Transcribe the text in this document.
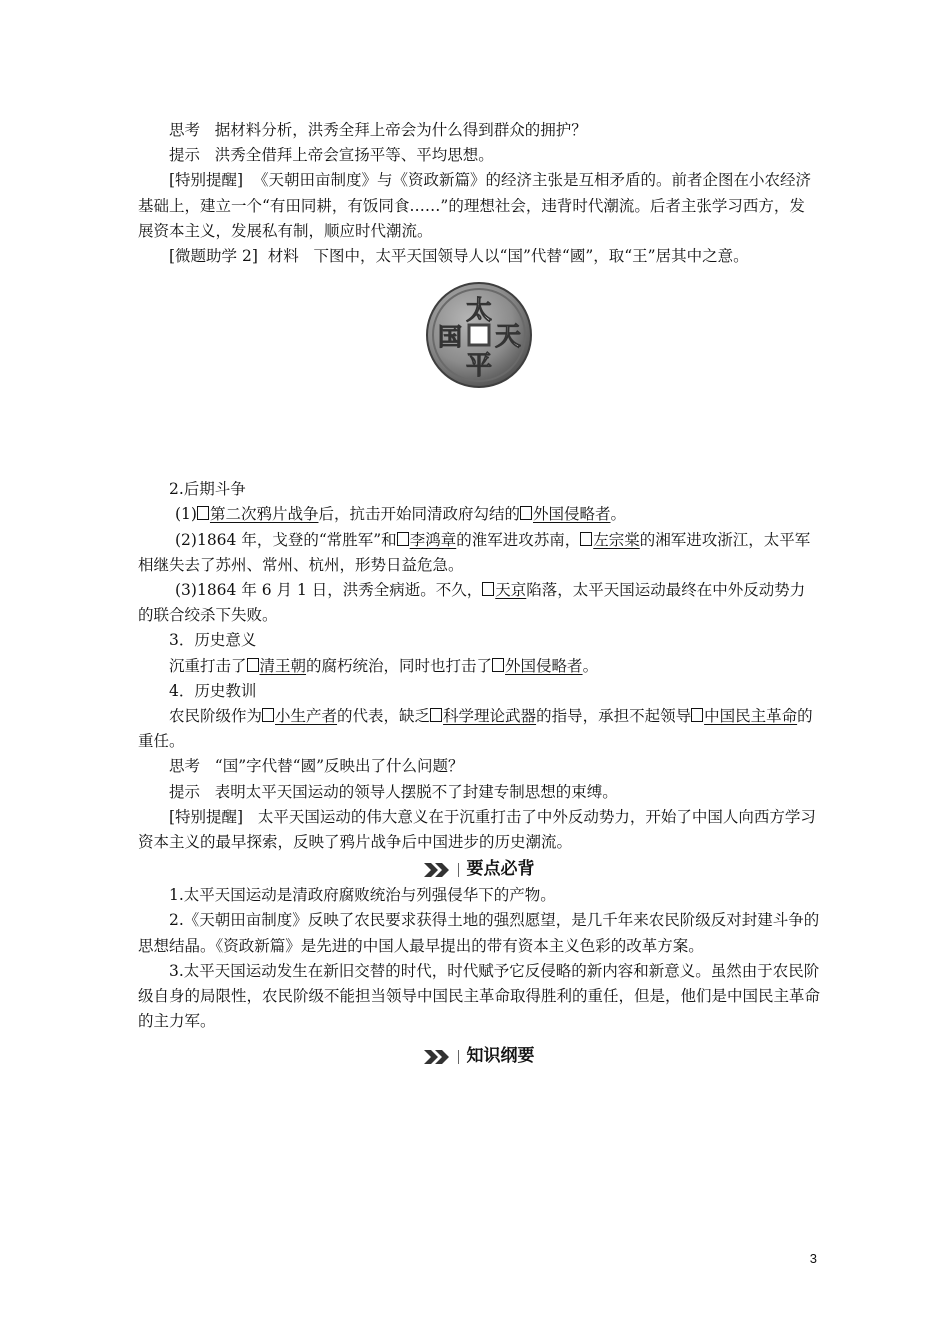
思考 据材料分析，洪秀全拜上帝会为什么得到群众的拥护？

提示 洪秀全借拜上帝会宣扬平等、平均思想。

[特别提醒] 《天朝田亩制度》与《资政新篇》的经济主张是互相矛盾的。前者企图在小农经济基础上，建立一个“有田同耕，有饭同食……”的理想社会，违背时代潮流。后者主张学习西方，发展资本主义，发展私有制，顺应时代潮流。

[微题助学 2] 材料 下图中，太平天国领导人以“国”代替“國”，取“王”居其中之意。

太
平
天
国

2.后期斗争

(1) 第二次鸦片战争后，抗击开始同清政府勾结的 外国侵略者。

(2)1864 年，戈登的“常胜军”和 李鸿章的淮军进攻苏南， 左宗棠的湘军进攻浙江，太平军相继失去了苏州、常州、杭州，形势日益危急。

(3)1864 年 6 月 1 日，洪秀全病逝。不久， 天京陷落，太平天国运动最终在中外反动势力的联合绞杀下失败。

3．历史意义

沉重打击了 清王朝的腐朽统治，同时也打击了 外国侵略者。

4．历史教训

农民阶级作为 小生产者的代表，缺乏 科学理论武器的指导，承担不起领导 中国民主革命的重任。

思考 “国”字代替“國”反映出了什么问题？

提示 表明太平天国运动的领导人摆脱不了封建专制思想的束缚。

[特别提醒] 太平天国运动的伟大意义在于沉重打击了中外反动势力，开始了中国人向西方学习资本主义的最早探索，反映了鸦片战争后中国进步的历史潮流。

要点必背

1.太平天国运动是清政府腐败统治与列强侵华下的产物。

2.《天朝田亩制度》反映了农民要求获得土地的强烈愿望，是几千年来农民阶级反对封建斗争的思想结晶。《资政新篇》是先进的中国人最早提出的带有资本主义色彩的改革方案。

3.太平天国运动发生在新旧交替的时代，时代赋予它反侵略的新内容和新意义。虽然由于农民阶级自身的局限性，农民阶级不能担当领导中国民主革命取得胜利的重任，但是，他们是中国民主革命的主力军。

知识纲要
3
